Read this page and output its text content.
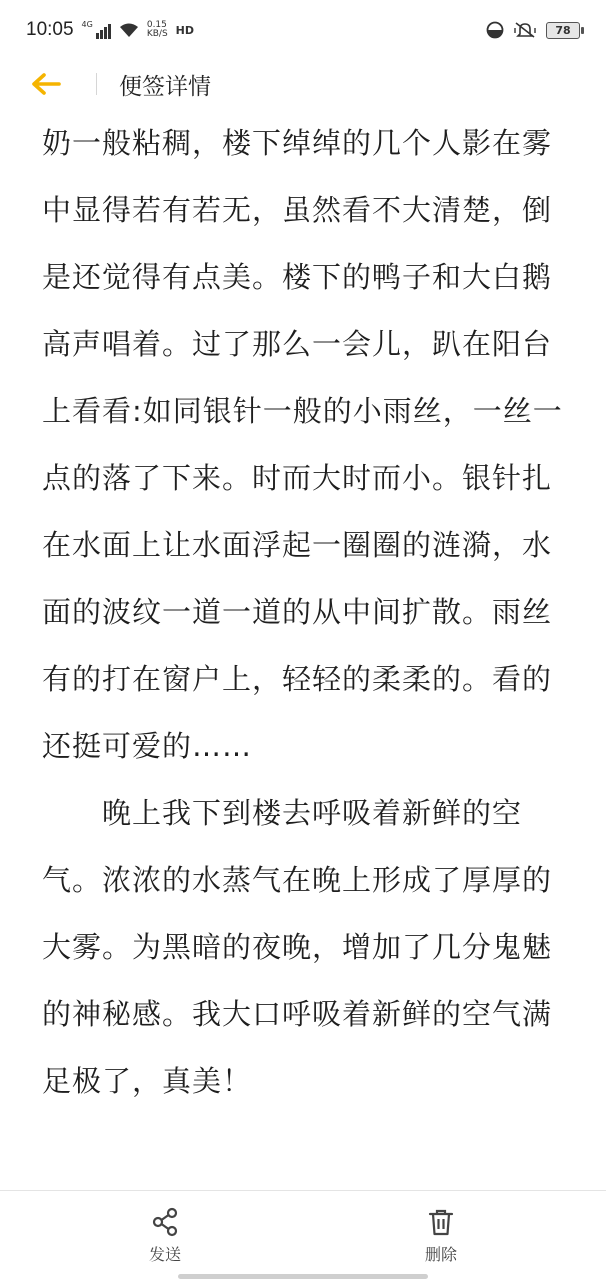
10:05 4G	0.15
KB/S HD	78
便签详情

奶一般粘稠，楼下绰绰的几个人影在雾中显得若有若无，虽然看不大清楚，倒是还觉得有点美。楼下的鸭子和大白鹅高声唱着。过了那么一会儿，趴在阳台上看看:如同银针一般的小雨丝，一丝一点的落了下来。时而大时而小。银针扎在水面上让水面浮起一圈圈的涟漪，水面的波纹一道一道的从中间扩散。雨丝有的打在窗户上，轻轻的柔柔的。看的还挺可爱的……

　　晚上我下到楼去呼吸着新鲜的空气。浓浓的水蒸气在晚上形成了厚厚的大雾。为黑暗的夜晚，增加了几分鬼魅的神秘感。我大口呼吸着新鲜的空气满足极了，真美！

发送	删除
